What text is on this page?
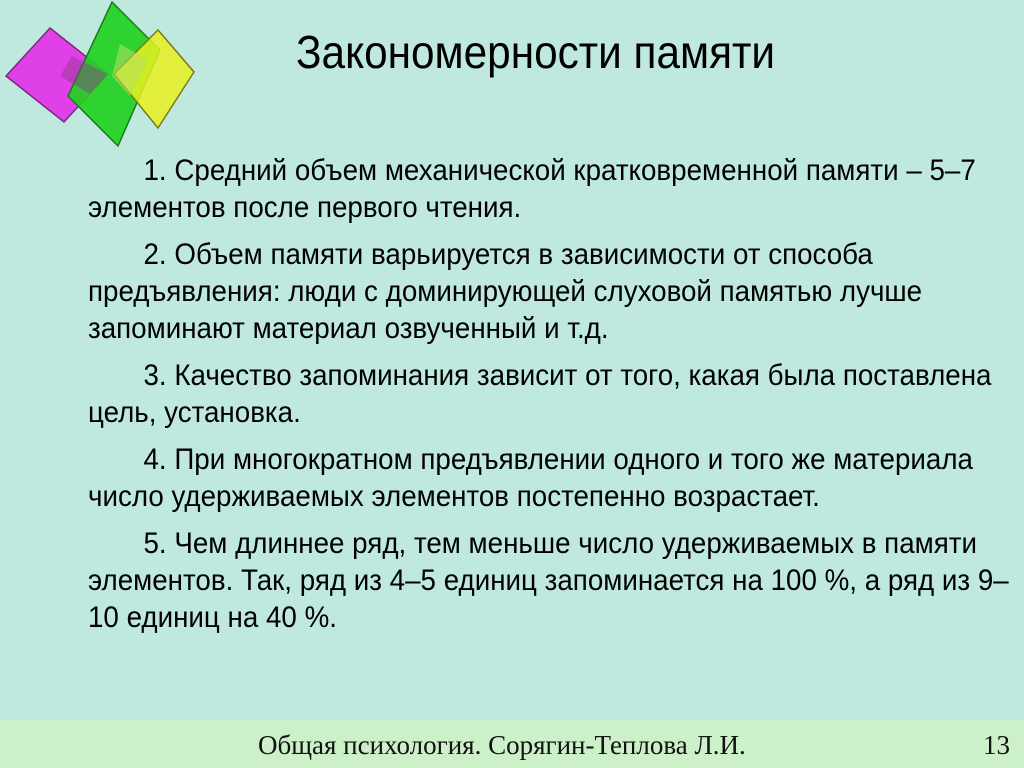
Закономерности памяти

1. Средний объем механической кратковременной памяти – 5–7 элементов после первого чтения.

2. Объем памяти варьируется в зависимости от способа предъявления: люди с доминирующей слуховой памятью лучше запоминают материал озвученный и т.д.

3. Качество запоминания зависит от того, какая была поставлена цель, установка.

4. При многократном предъявлении одного и того же материала число удерживаемых элементов постепенно возрастает.

5. Чем длиннее ряд, тем меньше число удерживаемых в памяти элементов. Так, ряд из 4–5 единиц запоминается на 100 %, а ряд из 9–10 единиц на 40 %.

Общая психология. Сорягин-Теплова Л.И.	13
